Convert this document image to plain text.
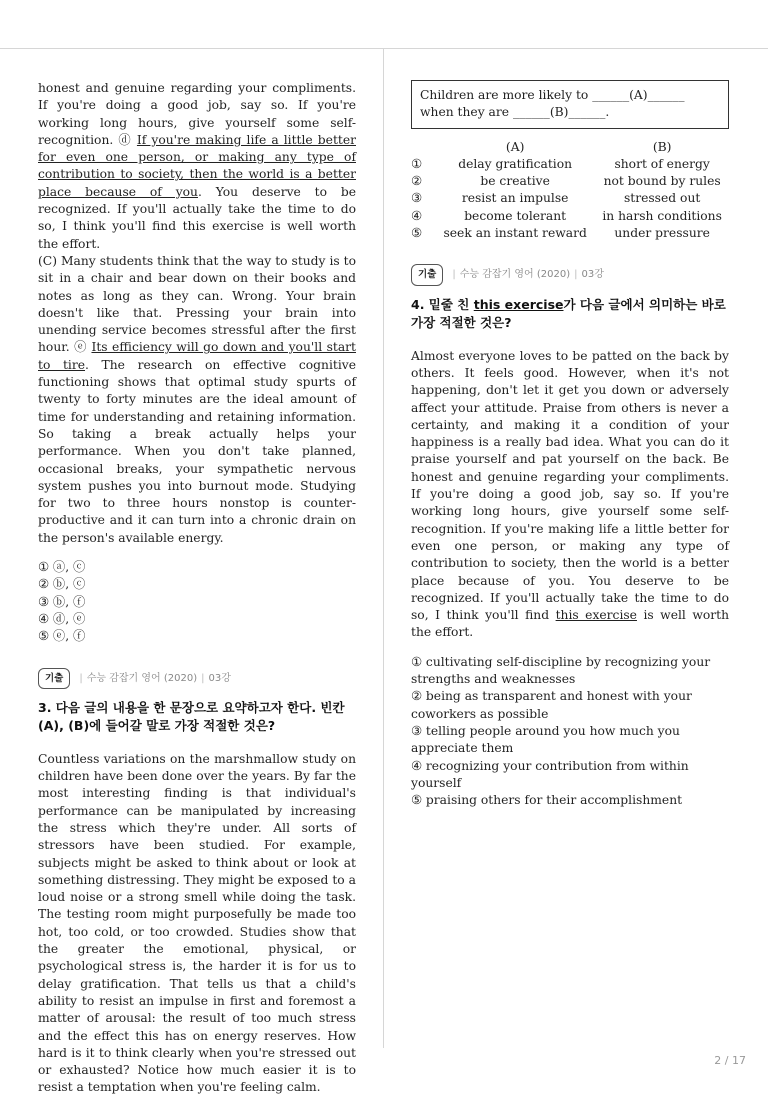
honest and genuine regarding your compliments. If you're doing a good job, say so. If you're working long hours, give yourself some self-recognition. ⓓ If you're making life a little better for even one person, or making any type of contribution to society, then the world is a better place because of you. You deserve to be recognized. If you'll actually take the time to do so, I think you'll find this exercise is well worth the effort.

(C) Many students think that the way to study is to sit in a chair and bear down on their books and notes as long as they can. Wrong. Your brain doesn't like that. Pressing your brain into unending service becomes stressful after the first hour. ⓔ Its efficiency will go down and you'll start to tire. The research on effective cognitive functioning shows that optimal study spurts of twenty to forty minutes are the ideal amount of time for understanding and retaining information. So taking a break actually helps your performance. When you don't take planned, occasional breaks, your sympathetic nervous system pushes you into burnout mode. Studying for two to three hours nonstop is counter-productive and it can turn into a chronic drain on the person's available energy.

① ⓐ, ⓒ
② ⓑ, ⓒ
③ ⓑ, ⓕ
④ ⓓ, ⓔ
⑤ ⓔ, ⓕ
기출	| 수능 감잡기 영어 (2020) | 03강
3. 다음 글의 내용을 한 문장으로 요약하고자 한다. 빈칸 (A), (B)에 들어갈 말로 가장 적절한 것은?

Countless variations on the marshmallow study on children have been done over the years. By far the most interesting finding is that individual's performance can be manipulated by increasing the stress which they're under. All sorts of stressors have been studied. For example, subjects might be asked to think about or look at something distressing. They might be exposed to a loud noise or a strong smell while doing the task. The testing room might purposefully be made too hot, too cold, or too crowded. Studies show that the greater the emotional, physical, or psychological stress is, the harder it is for us to delay gratification. That tells us that a child's ability to resist an impulse in first and foremost a matter of arousal: the result of too much stress and the effect this has on energy reserves. How hard is it to think clearly when you're stressed out or exhausted? Notice how much easier it is to resist a temptation when you're feeling calm.

Children are more likely to ______(A)______ when they are ______(B)______.
	(A)	(B)
①	delay gratification	short of energy
②	be creative	not bound by rules
③	resist an impulse	stressed out
④	become tolerant	in harsh conditions
⑤	seek an instant reward	under pressure
기출	| 수능 감잡기 영어 (2020) | 03강
4. 밑줄 친 this exercise가 다음 글에서 의미하는 바로 가장 적절한 것은?

Almost everyone loves to be patted on the back by others. It feels good. However, when it's not happening, don't let it get you down or adversely affect your attitude. Praise from others is never a certainty, and making it a condition of your happiness is a really bad idea. What you can do it praise yourself and pat yourself on the back. Be honest and genuine regarding your compliments. If you're doing a good job, say so. If you're working long hours, give yourself some self-recognition. If you're making life a little better for even one person, or making any type of contribution to society, then the world is a better place because of you. You deserve to be recognized. If you'll actually take the time to do so, I think you'll find this exercise is well worth the effort.

① cultivating self-discipline by recognizing your strengths and weaknesses
② being as transparent and honest with your coworkers as possible
③ telling people around you how much you appreciate them
④ recognizing your contribution from within yourself
⑤ praising others for their accomplishment
2 / 17
